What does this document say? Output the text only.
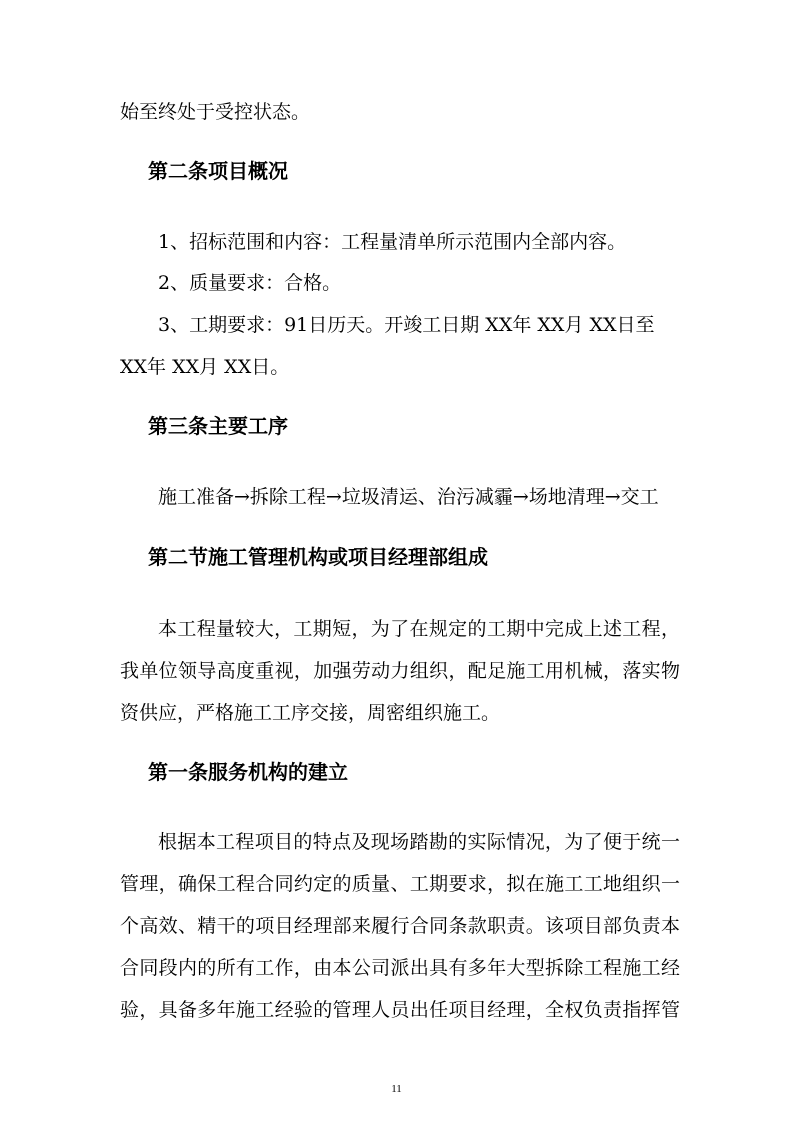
始至终处于受控状态。
第二条项目概况
1、招标范围和内容：工程量清单所示范围内全部内容。
2、质量要求：合格。
3、工期要求：91日历天。开竣工日期 XX年 XX月 XX日至
XX年 XX月 XX日。
第三条主要工序
施工准备→拆除工程→垃圾清运、治污减霾→场地清理→交工
第二节施工管理机构或项目经理部组成
本工程量较大，工期短，为了在规定的工期中完成上述工程，
我单位领导高度重视，加强劳动力组织，配足施工用机械，落实物
资供应，严格施工工序交接，周密组织施工。
第一条服务机构的建立
根据本工程项目的特点及现场踏勘的实际情况，为了便于统一
管理，确保工程合同约定的质量、工期要求，拟在施工工地组织一
个高效、精干的项目经理部来履行合同条款职责。该项目部负责本
合同段内的所有工作，由本公司派出具有多年大型拆除工程施工经
验，具备多年施工经验的管理人员出任项目经理，全权负责指挥管
11
